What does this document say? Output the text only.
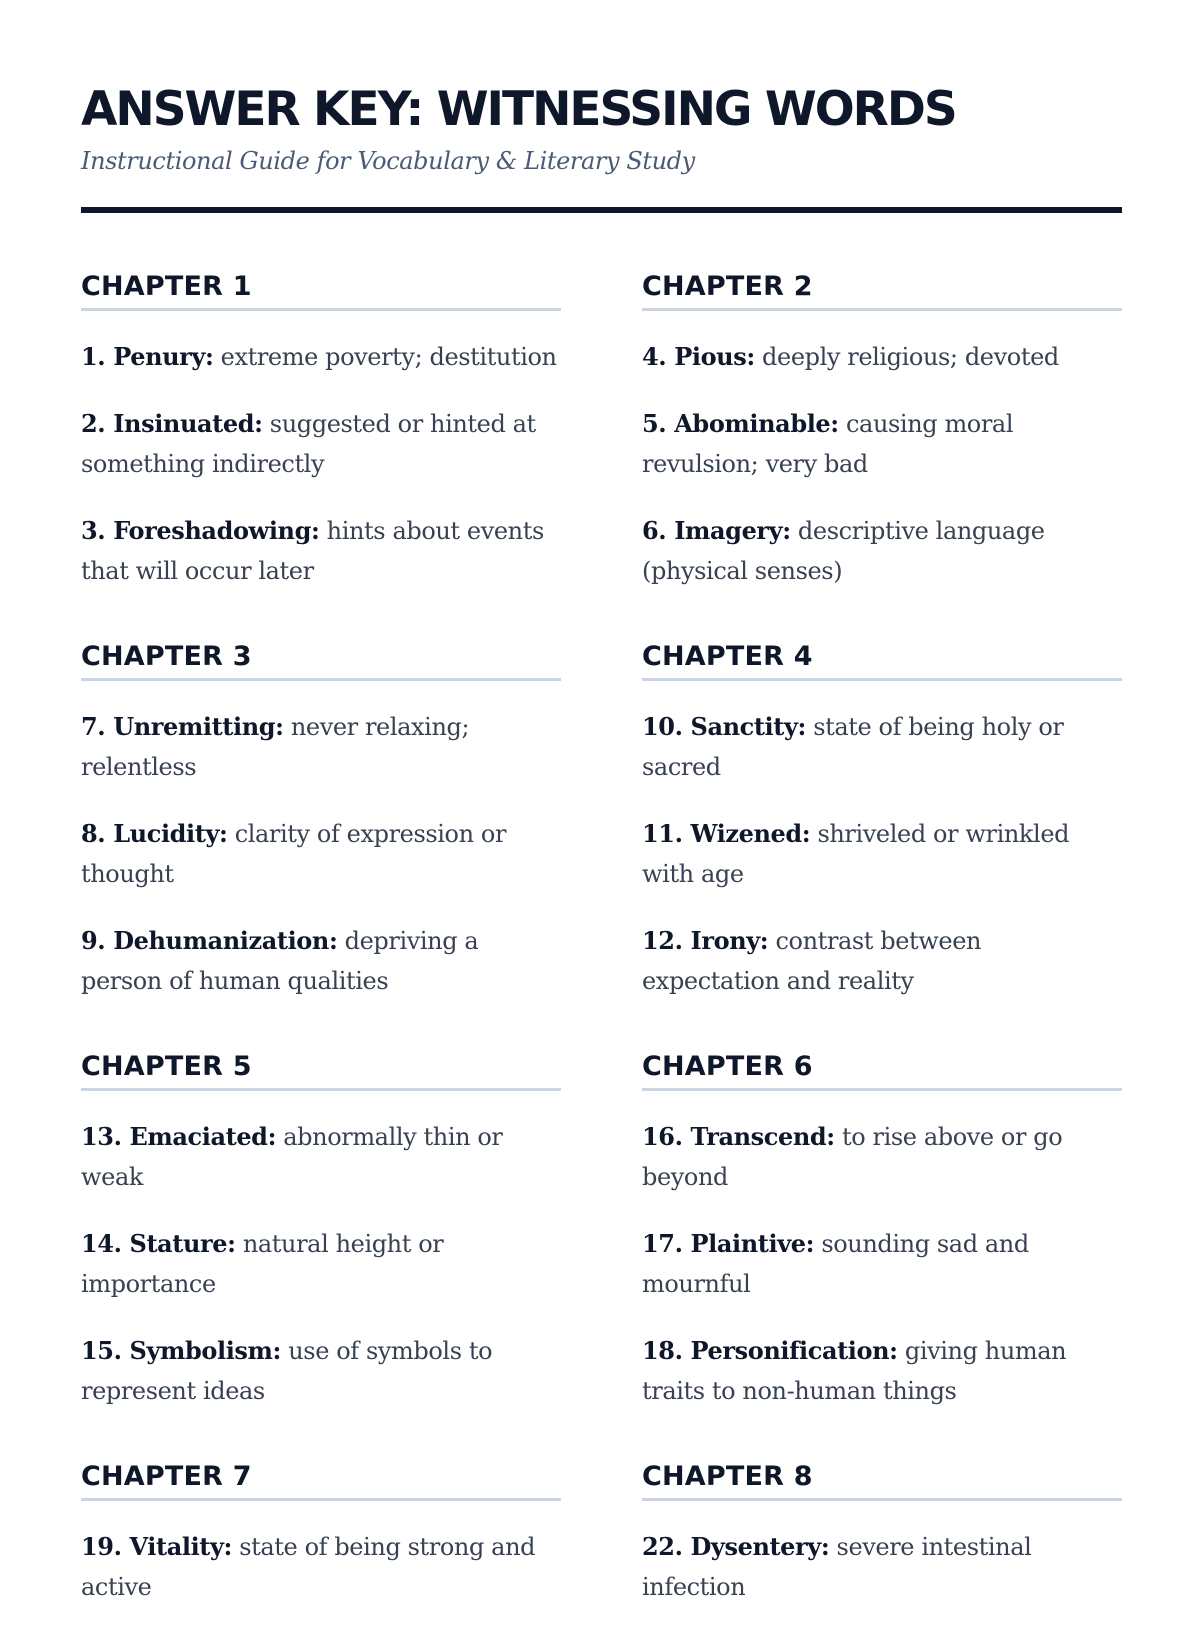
ANSWER KEY: WITNESSING WORDS

Instructional Guide for Vocabulary & Literary Study

CHAPTER 1
1. Penury: extreme poverty; destitution
2. Insinuated: suggested or hinted at something indirectly
3. Foreshadowing: hints about events that will occur later
CHAPTER 2
4. Pious: deeply religious; devoted
5. Abominable: causing moral revulsion; very bad
6. Imagery: descriptive language (physical senses)
CHAPTER 3
7. Unremitting: never relaxing; relentless
8. Lucidity: clarity of expression or thought
9. Dehumanization: depriving a person of human qualities
CHAPTER 4
10. Sanctity: state of being holy or sacred
11. Wizened: shriveled or wrinkled with age
12. Irony: contrast between expectation and reality
CHAPTER 5
13. Emaciated: abnormally thin or weak
14. Stature: natural height or importance
15. Symbolism: use of symbols to represent ideas
CHAPTER 6
16. Transcend: to rise above or go beyond
17. Plaintive: sounding sad and mournful
18. Personification: giving human traits to non-human things
CHAPTER 7
19. Vitality: state of being strong and active
CHAPTER 8
22. Dysentery: severe intestinal infection
